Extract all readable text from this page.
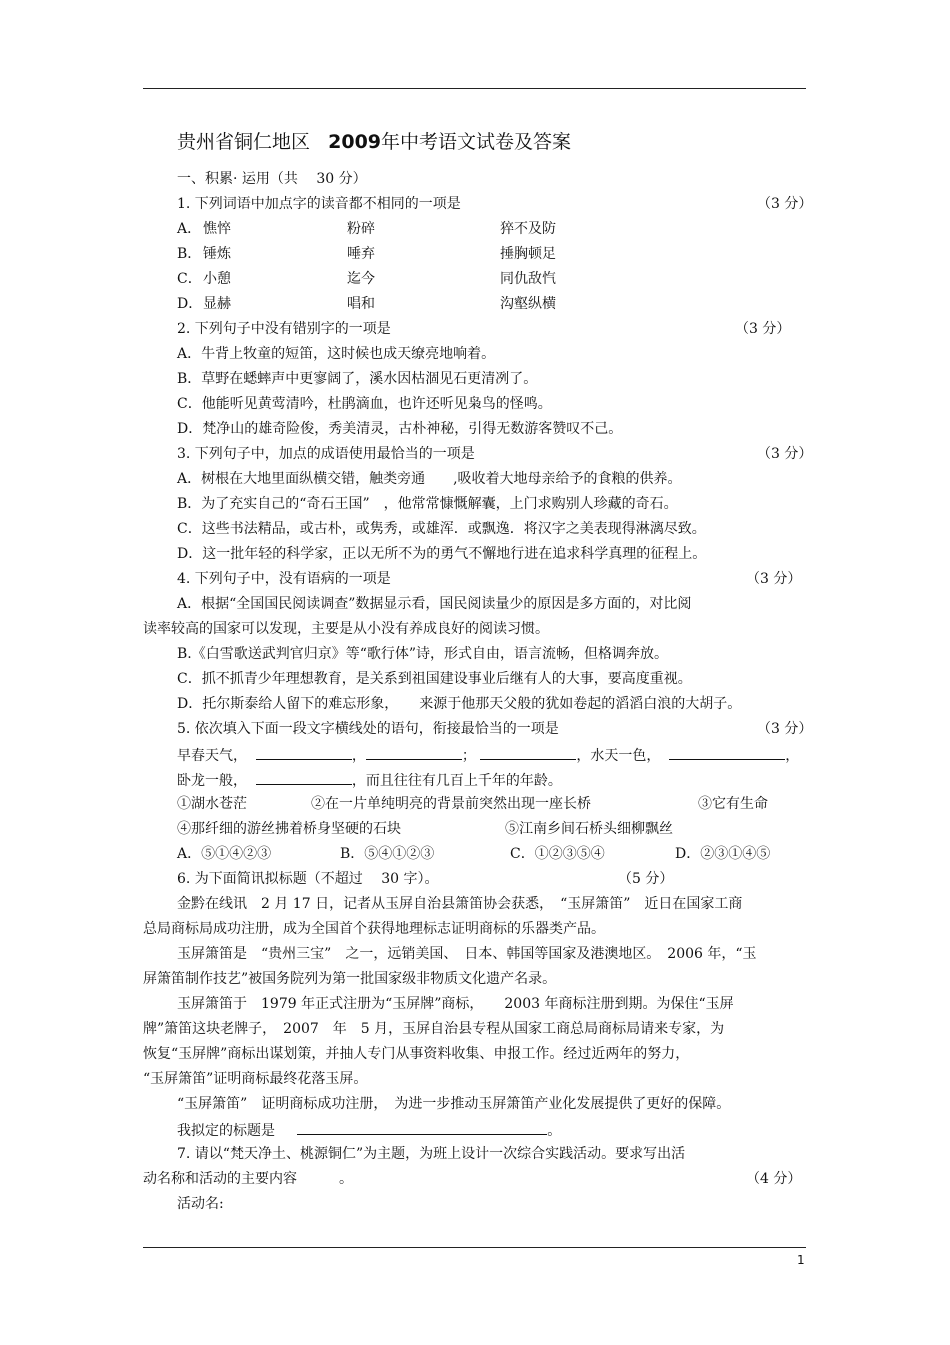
贵州省铜仁地区 2009年中考语文试卷及答案
一、积累· 运用（共　 30 分）
1. 下列词语中加点字的读音都不相同的一项是	（3 分）
A． 憔悴	粉碎	猝不及防
B． 锤炼	唾弃	捶胸顿足
C． 小憩	迄今	同仇敌忾
D． 显赫	唱和	沟壑纵横
2. 下列句子中没有错别字的一项是	（3 分）
A．牛背上牧童的短笛，这时候也成天缭亮地响着。
B．草野在蟋蟀声中更寥阔了，溪水因枯涸见石更清冽了。
C．他能听见黄莺清吟，杜鹃滴血，也许还听见枭鸟的怪鸣。
D．梵净山的雄奇险俊，秀美清灵，古朴神秘，引得无数游客赞叹不己。
3. 下列句子中，加点的成语使用最恰当的一项是	（3 分）
A．树根在大地里面纵横交错，触类旁通　　,吸收着大地母亲给予的食粮的供养。
B．为了充实自己的“奇石王国”　，他常常慷慨解囊，上门求购别人珍藏的奇石。
C．这些书法精品，或古朴，或隽秀，或雄浑．或飘逸．将汉字之美表现得淋漓尽致。
D．这一批年轻的科学家，正以无所不为的勇气不懈地行进在追求科学真理的征程上。
4. 下列句子中，没有语病的一项是	（3 分）
A．根据“全国国民阅读调查”数据显示看，国民阅读量少的原因是多方面的，对比阅
读率较高的国家可以发现，主要是从小没有养成良好的阅读习惯。
B.《白雪歌送武判官归京》等“歌行体”诗，形式自由，语言流畅，但格调奔放。
C．抓不抓青少年理想教育，是关系到祖国建设事业后继有人的大事，要高度重视。
D．托尔斯泰给人留下的难忘形象，　　来源于他那天父般的犹如卷起的滔滔白浪的大胡子。
5. 依次填入下面一段文字横线处的语句，衔接最恰当的一项是	（3 分）
早春天气，	，	；	，水天一色，	，
卧龙一般，	，而且往往有几百上千年的年龄。
①湖水苍茫	②在一片单纯明亮的背景前突然出现一座长桥	③它有生命
④那纤细的游丝拂着桥身坚硬的石块	⑤江南乡间石桥头细柳飘丝
A．⑤①④②③	B．⑤④①②③	C．①②③⑤④	D．②③①④⑤
6. 为下面简讯拟标题（不超过　 30 字）。	（5 分）
金黔在线讯　2 月 17 日，记者从玉屏自治县箫笛协会获悉，　“玉屏箫笛”　近日在国家工商
总局商标局成功注册，成为全国首个获得地理标志证明商标的乐器类产品。
玉屏箫笛是　“贵州三宝”　之一，远销美国、　日本、韩国等国家及港澳地区。　2006 年，“玉
屏箫笛制作技艺”被国务院列为第一批国家级非物质文化遗产名录。
玉屏箫笛于　1979 年正式注册为“玉屏牌”商标，　　2003 年商标注册到期。为保住“玉屏
牌”箫笛这块老牌子，　2007　年　5 月，玉屏自治县专程从国家工商总局商标局请来专家，为
恢复“玉屏牌”商标出谋划策，并抽人专门从事资料收集、申报工作。经过近两年的努力，
“玉屏箫笛”证明商标最终花落玉屏。
“玉屏箫笛”　证明商标成功注册，　为进一步推动玉屏箫笛产业化发展提供了更好的保障。
我拟定的标题是	。
7. 请以“梵天净土、桃源铜仁”为主题，为班上设计一次综合实践活动。要求写出活
动名称和活动的主要内容　　　。	（4 分）
活动名:
1
